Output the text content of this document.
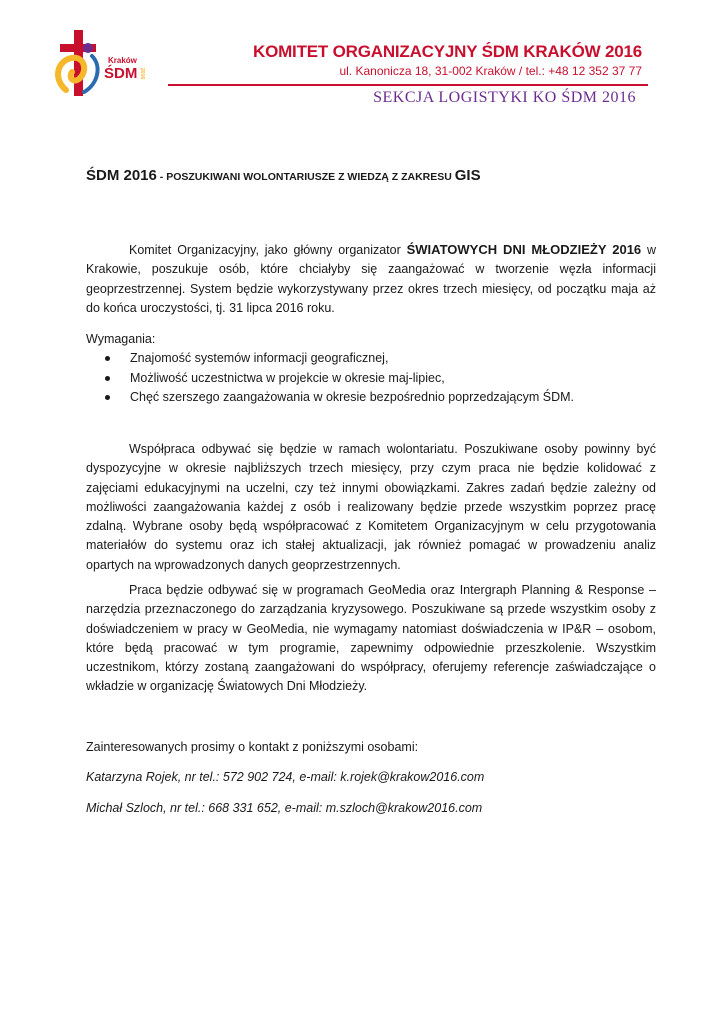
Kraków
ŚDM 2016
KOMITET ORGANIZACYJNY ŚDM KRAKÓW 2016
ul. Kanonicza 18, 31-002 Kraków / tel.: +48 12 352 37 77
SEKCJA LOGISTYKI KO ŚDM 2016
ŚDM 2016 - POSZUKIWANI WOLONTARIUSZE Z WIEDZĄ Z ZAKRESU GIS

Komitet Organizacyjny, jako główny organizator ŚWIATOWYCH DNI MŁODZIEŻY 2016 w Krakowie, poszukuje osób, które chciałyby się zaangażować w tworzenie węzła informacji geoprzestrzennej. System będzie wykorzystywany przez okres trzech miesięcy, od początku maja aż do końca uroczystości, tj. 31 lipca 2016 roku.

Wymagania:
Znajomość systemów informacji geograficznej,
Możliwość uczestnictwa w projekcie w okresie maj-lipiec,
Chęć szerszego zaangażowania w okresie bezpośrednio poprzedzającym ŚDM.

Współpraca odbywać się będzie w ramach wolontariatu. Poszukiwane osoby powinny być dyspozycyjne w okresie najbliższych trzech miesięcy, przy czym praca nie będzie kolidować z zajęciami edukacyjnymi na uczelni, czy też innymi obowiązkami. Zakres zadań będzie zależny od możliwości zaangażowania każdej z osób i realizowany będzie przede wszystkim poprzez pracę zdalną. Wybrane osoby będą współpracować z Komitetem Organizacyjnym w celu przygotowania materiałów do systemu oraz ich stałej aktualizacji, jak również pomagać w prowadzeniu analiz opartych na wprowadzonych danych geoprzestrzennych.

Praca będzie odbywać się w programach GeoMedia oraz Intergraph Planning & Response – narzędzia przeznaczonego do zarządzania kryzysowego. Poszukiwane są przede wszystkim osoby z doświadczeniem w pracy w GeoMedia, nie wymagamy natomiast doświadczenia w IP&R – osobom, które będą pracować w tym programie, zapewnimy odpowiednie przeszkolenie. Wszystkim uczestnikom, którzy zostaną zaangażowani do współpracy, oferujemy referencje zaświadczające o wkładzie w organizację Światowych Dni Młodzieży.

Zainteresowanych prosimy o kontakt z poniższymi osobami:
Katarzyna Rojek, nr tel.: 572 902 724, e-mail: k.rojek@krakow2016.com
Michał Szloch, nr tel.: 668 331 652, e-mail: m.szloch@krakow2016.com
